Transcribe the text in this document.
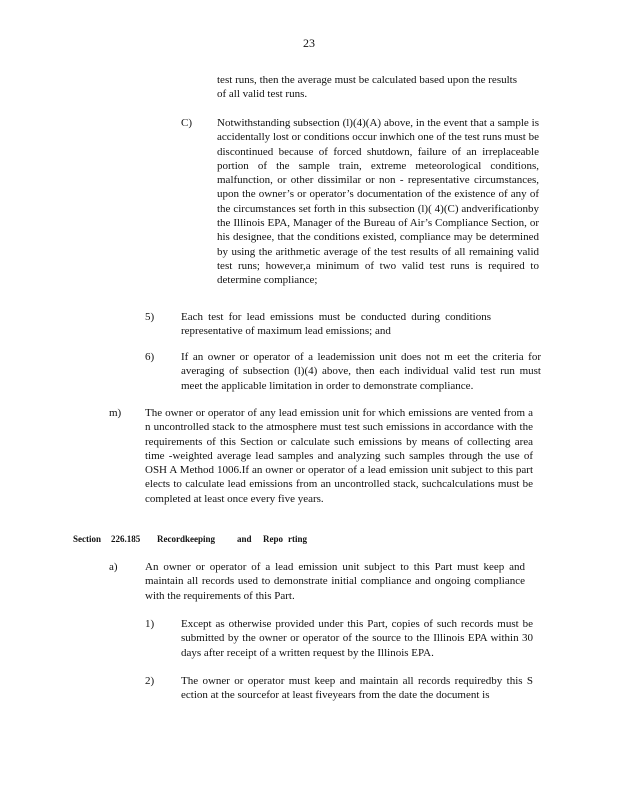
23
test runs, then the average must be calculated based upon the results of all valid test runs.
C) Notwithstanding subsection (l)(4)(A) above, in the event that a sample is accidentally lost or conditions occur inwhich one of the test runs must be discontinued because of forced shutdown, failure of an irreplaceable portion of the sample train, extreme meteorological conditions, malfunction, or other dissimilar or non - representative circumstances, upon the owner’s or operator’s documentation of the existence of any of the circumstances set forth in this subsection (l)( 4)(C) andverificationby the Illinois EPA, Manager of the Bureau of Air’s Compliance Section, or his designee, that the conditions existed, compliance may be determined by using the arithmetic average of the test results of all remaining valid test runs; however,a minimum of two valid test runs is required to determine compliance;
5) Each test for lead emissions must be conducted during conditions representative of maximum lead emissions; and
6) If an owner or operator of a leademission unit does not m eet the criteria for averaging of subsection (l)(4) above, then each individual valid test run must meet the applicable limitation in order to demonstrate compliance.
m) The owner or operator of any lead emission unit for which emissions are vented from a n uncontrolled stack to the atmosphere must test such emissions in accordance with the requirements of this Section or calculate such emissions by means of collecting area time -weighted average lead samples and analyzing such samples through the use of OSH A Method 1006.If an owner or operator of a lead emission unit subject to this part elects to calculate lead emissions from an uncontrolled stack, suchcalculations must be completed at least once every five years.
Section 226.185 Recordkeeping and Repo rting
a) An owner or operator of a lead emission unit subject to this Part must keep and maintain all records used to demonstrate initial compliance and ongoing compliance with the requirements of this Part.
1) Except as otherwise provided under this Part, copies of such records must be submitted by the owner or operator of the source to the Illinois EPA within 30 days after receipt of a written request by the Illinois EPA.
2) The owner or operator must keep and maintain all records requiredby this S ection at the sourcefor at least fiveyears from the date the document is
